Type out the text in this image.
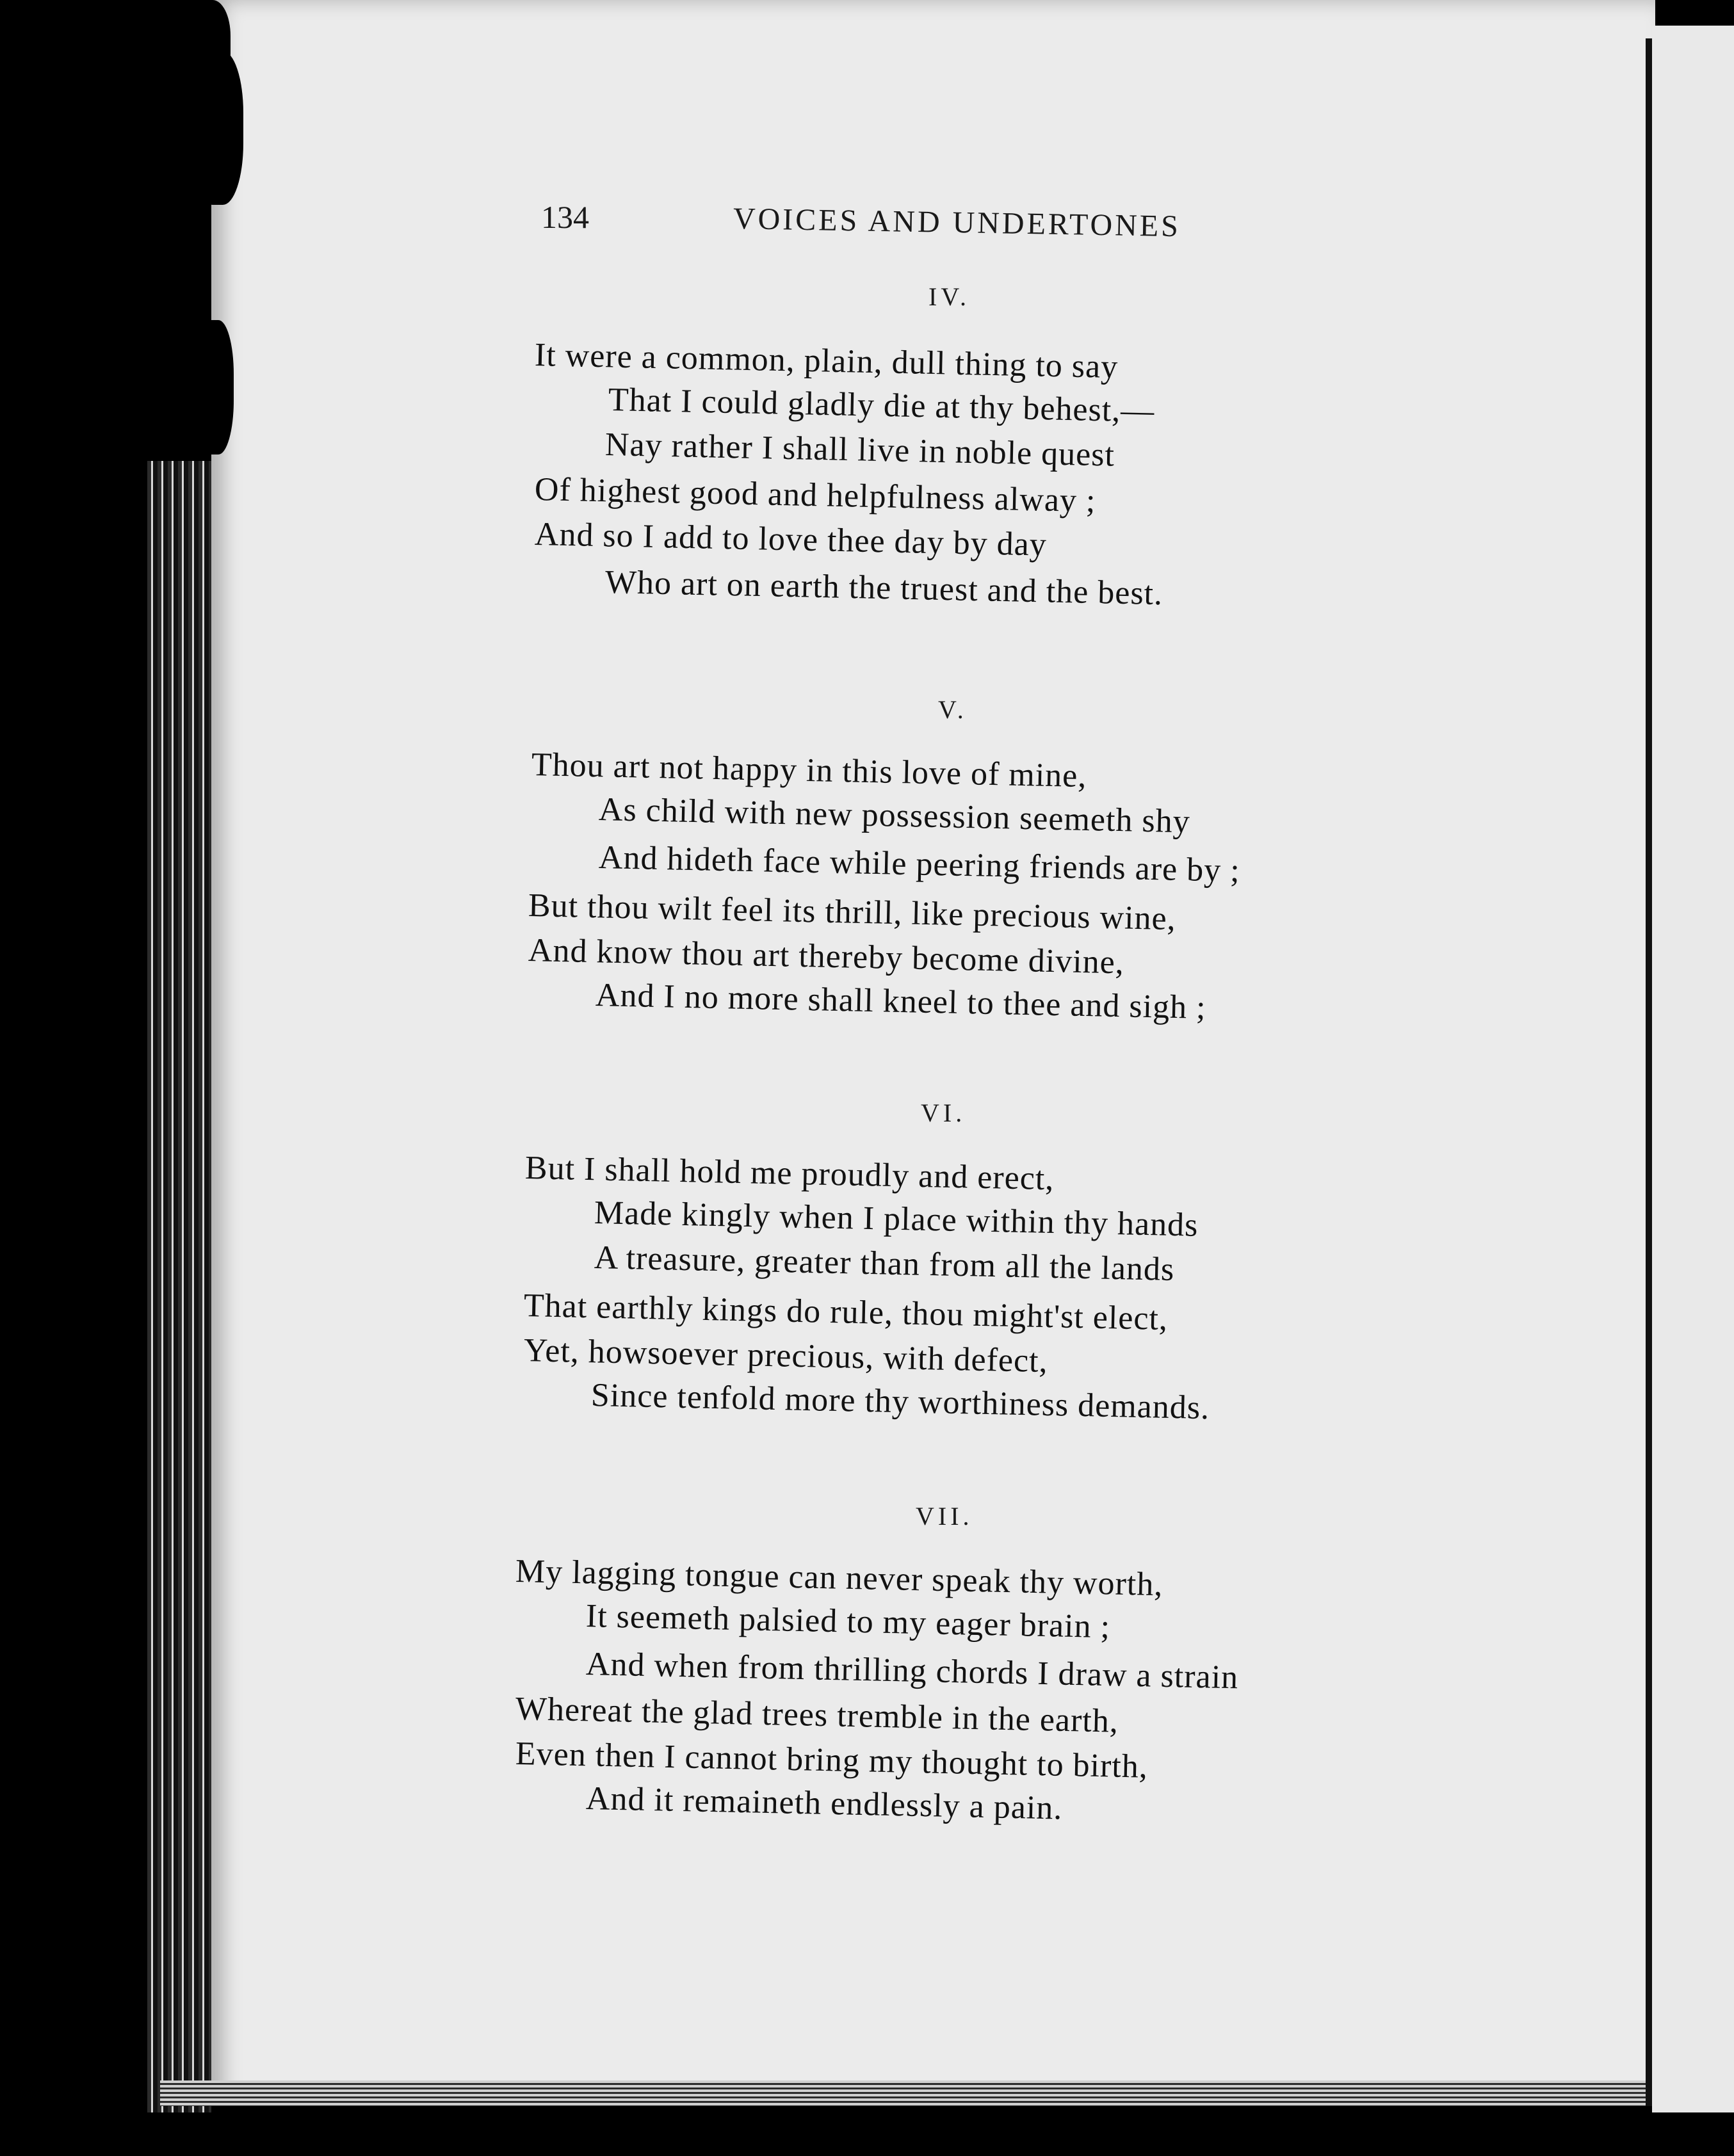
134	VOICES AND UNDERTONES
IV.
It were a common, plain, dull thing to say
That I could gladly die at thy behest,—
Nay rather I shall live in noble quest
Of highest good and helpfulness alway ;
And so I add to love thee day by day
Who art on earth the truest and the best.
V.
Thou art not happy in this love of mine,
As child with new possession seemeth shy
And hideth face while peering friends are by ;
But thou wilt feel its thrill, like precious wine,
And know thou art thereby become divine,
And I no more shall kneel to thee and sigh ;
VI.
But I shall hold me proudly and erect,
Made kingly when I place within thy hands
A treasure, greater than from all the lands
That earthly kings do rule, thou might'st elect,
Yet, howsoever precious, with defect,
Since tenfold more thy worthiness demands.
VII.
My lagging tongue can never speak thy worth,
It seemeth palsied to my eager brain ;
And when from thrilling chords I draw a strain
Whereat the glad trees tremble in the earth,
Even then I cannot bring my thought to birth,
And it remaineth endlessly a pain.
